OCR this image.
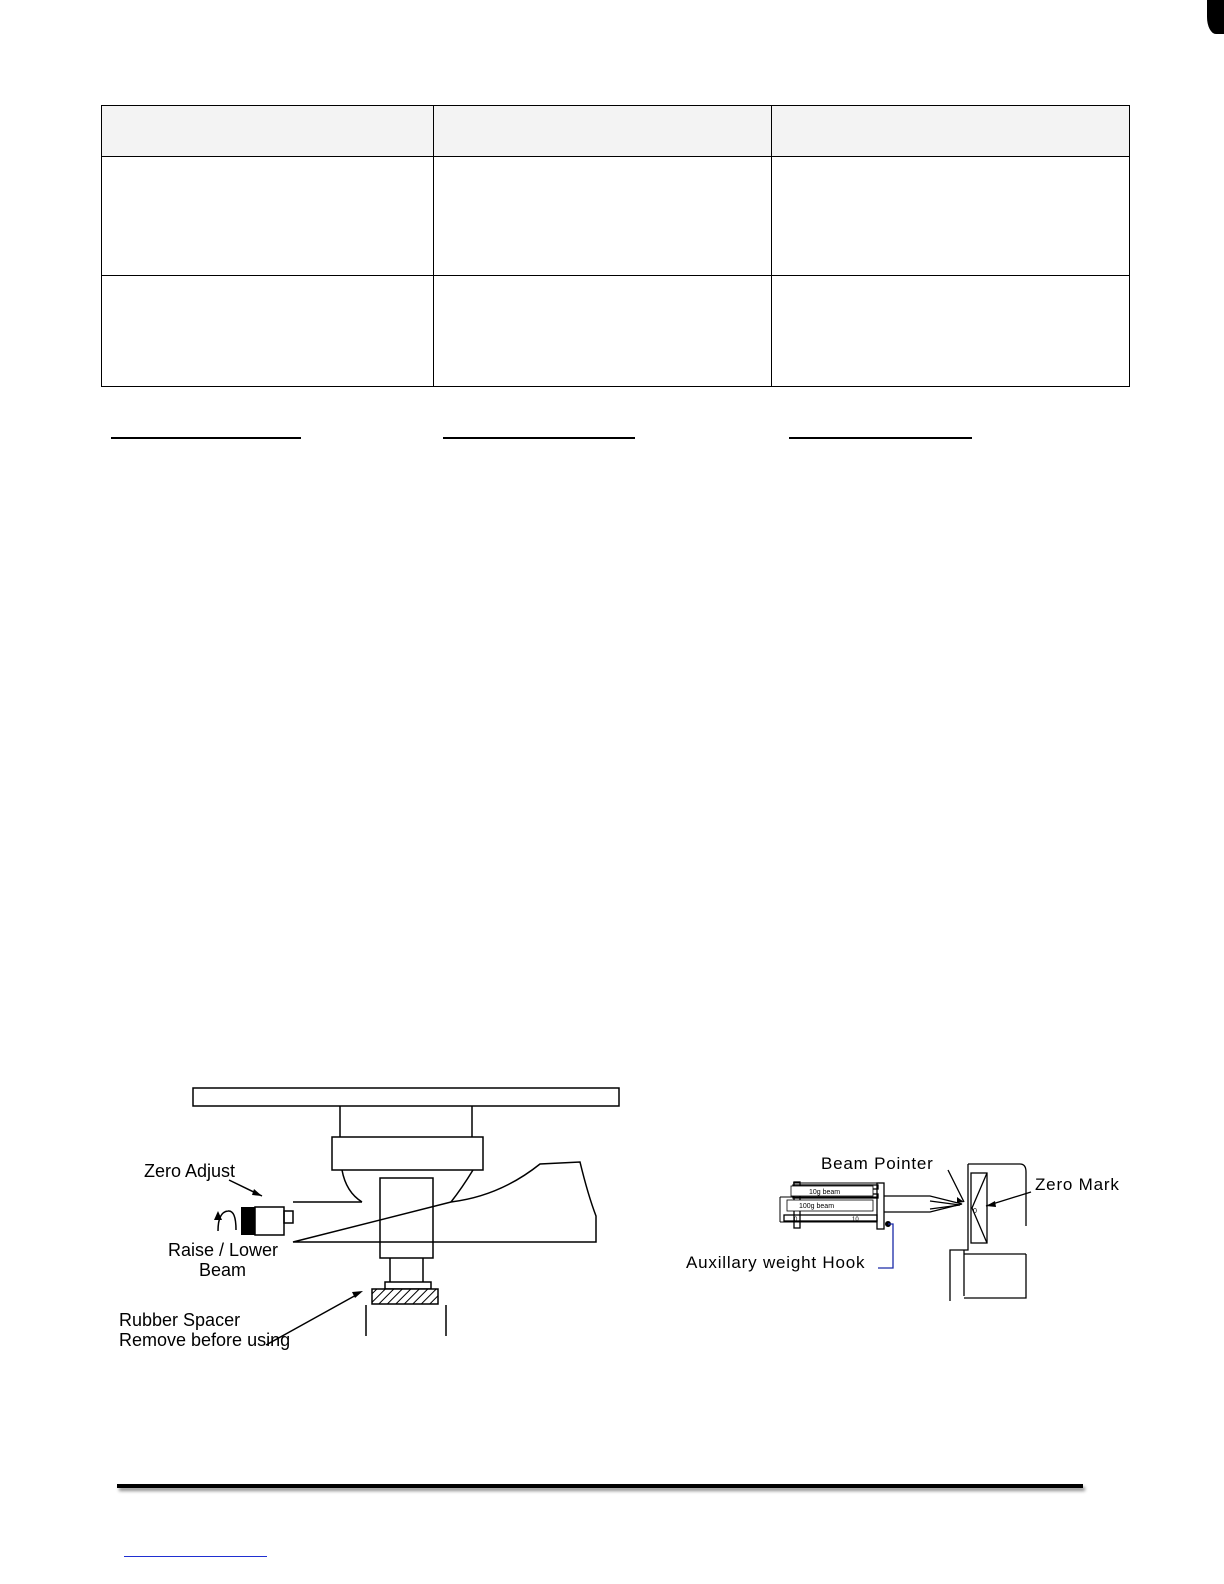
Zero Adjust
Raise / Lower
Beam
Rubber Spacer
Remove before using
10g beam
100g beam
0	10
0
Beam Pointer
Zero Mark
Auxillary weight Hook
